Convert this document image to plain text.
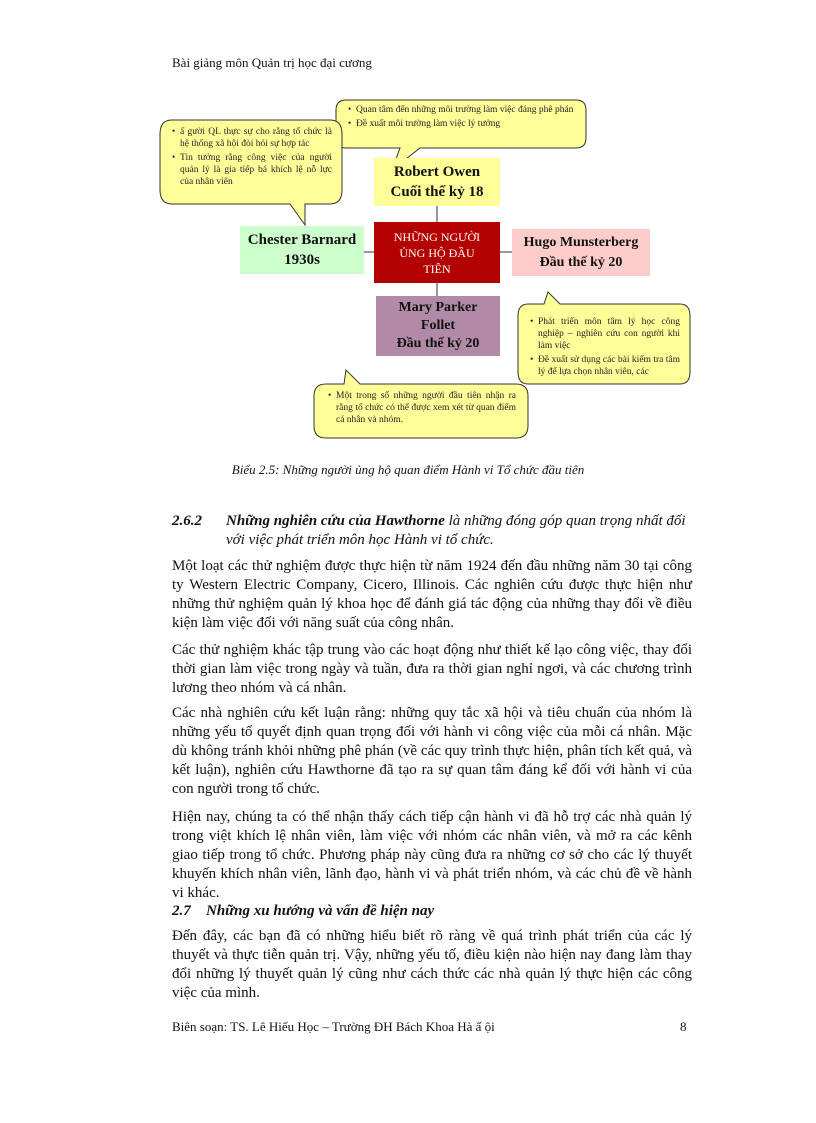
Bài giảng môn Quản trị học đại cương
Robert Owen
Cuối thế kỷ 18
Chester Barnard
1930s
NHỮNG NGƯỜI
ỦNG HỘ ĐẦU
TIÊN
Hugo Munsterberg
Đầu thế kỷ 20
Mary Parker
Follet
Đầu thế kỷ 20
• Quan tâm đến những môi trường làm việc đáng phê phán
• Đề xuất môi trường làm việc lý tưởng
• ấ gười QL thực sự cho rằng tổ chức là hệ thống xã hội đòi hỏi sự hợp tác
• Tin tưởng rằng công việc của người quản lý là gia tiếp bá khích lệ nỗ lực của nhân viên
• Phát triển môn tâm lý học công nghiệp – nghiên cứu con người khi làm việc
• Đề xuất sử dụng các bài kiểm tra tâm lý để lựa chọn nhân viên, các
• Một trong số những người đầu tiên nhận ra rằng tổ chức có thể được xem xét từ quan điểm cá nhân và nhóm.
Biểu 2.5: Những người ủng hộ quan điểm Hành vi Tổ chức đầu tiên
2.6.2	Những nghiên cứu của Hawthorne là những đóng góp quan trọng nhất đối
với việc phát triển môn học Hành vi tổ chức.
Một loạt các thử nghiệm được thực hiện từ năm 1924 đến đầu những năm 30 tại công ty Western Electric Company, Cicero, Illinois. Các nghiên cứu được thực hiện như những thử nghiệm quản lý khoa học để đánh giá tác động của những thay đổi về điều kiện làm việc đối với năng suất của công nhân.
Các thử nghiệm khác tập trung vào các hoạt động như thiết kế lạo công việc, thay đổi thời gian làm việc trong ngày và tuần, đưa ra thời gian nghỉ ngơi, và các chương trình lương theo nhóm và cá nhân.
Các nhà nghiên cứu kết luận rằng: những quy tắc xã hội và tiêu chuẩn của nhóm là những yếu tố quyết định quan trọng đối với hành vi công việc của mỗi cá nhân. Mặc dù không tránh khỏi những phê phán (về các quy trình thực hiện, phân tích kết quả, và kết luận), nghiên cứu Hawthorne đã tạo ra sự quan tâm đáng kể đối với hành vi của con người trong tổ chức.
Hiện nay, chúng ta có thể nhận thấy cách tiếp cận hành vi đã hỗ trợ các nhà quản lý trong việt khích lệ nhân viên, làm việc với nhóm các nhân viên, và mở ra các kênh giao tiếp trong tổ chức. Phương pháp này cũng đưa ra những cơ sở cho các lý thuyết khuyến khích nhân viên, lãnh đạo, hành vi và phát triển nhóm, và các chủ đề về hành vi khác.
2.7	Những xu hướng và vấn đề hiện nay
Đến đây, các bạn đã có những hiểu biết rõ ràng về quá trình phát triển của các lý thuyết và thực tiễn quản trị. Vậy, những yếu tố, điều kiện nào hiện nay đang làm thay đổi những lý thuyết quản lý cũng như cách thức các nhà quản lý thực hiện các công việc của mình.
Biên soạn: TS. Lê Hiếu Học – Trường ĐH Bách Khoa Hà ấ ội	8
